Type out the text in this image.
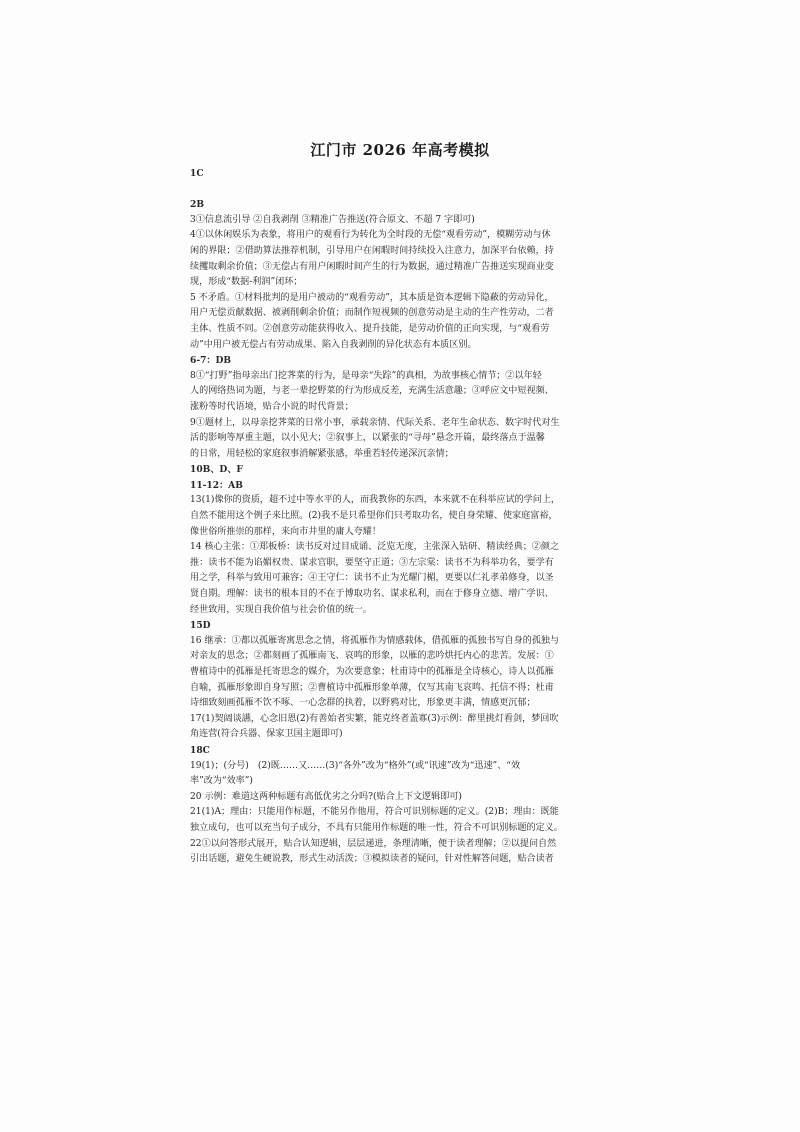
江门市 2026 年高考模拟
1C
2B
3①信息流引导 ②自我剥削 ③精准广告推送(符合原文、不超 7 字即可)
4①以休闲娱乐为表象，将用户的观看行为转化为全时段的无偿“观看劳动”，模糊劳动与休
闲的界限；②借助算法推荐机制，引导用户在闲暇时间持续投入注意力，加深平台依赖，持
续攫取剩余价值；③无偿占有用户闲暇时间产生的行为数据，通过精准广告推送实现商业变
现，形成“数据-利润”闭环；
5 不矛盾。①材料批判的是用户被动的“观看劳动”，其本质是资本逻辑下隐蔽的劳动异化，
用户无偿贡献数据、被剥削剩余价值；而制作短视频的创意劳动是主动的生产性劳动，二者
主体、性质不同。②创意劳动能获得收入、提升技能，是劳动价值的正向实现，与“观看劳
动”中用户被无偿占有劳动成果、陷入自我剥削的异化状态有本质区别。
6-7：DB
8①“打野”指母亲出门挖荠菜的行为，是母亲“失踪”的真相，为故事核心情节；②以年轻
人的网络热词为题，与老一辈挖野菜的行为形成反差，充满生活意趣；③呼应文中短视频、
涨粉等时代语境，贴合小说的时代背景；
9①题材上，以母亲挖荠菜的日常小事，承载亲情、代际关系、老年生命状态、数字时代对生
活的影响等厚重主题，以小见大；②叙事上，以紧张的“寻母”悬念开篇，最终落点于温馨
的日常，用轻松的家庭叙事消解紧张感，举重若轻传递深沉亲情；
10B、D、F
11-12：AB
13(1)像你的资质，超不过中等水平的人，而我教你的东西，本来就不在科举应试的学问上，
自然不能用这个例子来比照。(2)我不是只希望你们只考取功名，使自身荣耀、使家庭富裕，
像世俗所推崇的那样，来向市井里的庸人夸耀！
14 核心主张：①郑板桥：读书反对过目成诵、泛览无度，主张深入钻研、精读经典；②颜之
推：读书不能为谄媚权贵、谋求官职，要坚守正道；③左宗棠：读书不为科举功名，要学有
用之学，科举与致用可兼容；④王守仁：读书不止为光耀门楣，更要以仁礼孝弟修身，以圣
贤自期。理解：读书的根本目的不在于博取功名、谋求私利，而在于修身立德、增广学识、
经世致用，实现自我价值与社会价值的统一。
15D
16 继承：①都以孤雁寄寓思念之情，将孤雁作为情感载体，借孤雁的孤独书写自身的孤独与
对亲友的思念；②都刻画了孤雁南飞、哀鸣的形象，以雁的悲吟烘托内心的悲苦。发展：①
曹植诗中的孤雁是托寄思念的媒介，为次要意象；杜甫诗中的孤雁是全诗核心，诗人以孤雁
自喻，孤雁形象即自身写照；②曹植诗中孤雁形象单薄，仅写其南飞哀鸣、托信不得；杜甫
诗细致刻画孤雁不饮不啄、一心念群的执着，以野鸦对比，形象更丰满，情感更沉郁；
17(1)契阔谈讌，心念旧恩(2)有善始者实繁，能克终者盖寡(3)示例：醉里挑灯看剑，梦回吹
角连营(符合兵器、保家卫国主题即可)
18C
19(1)；(分号)　(2)既……又……(3)“各外”改为“格外”(或“讯速”改为“迅速”、“效
率”改为“效率”)
20 示例：难道这两种标题有高低优劣之分吗?(贴合上下文逻辑即可)
21(1)A；理由：只能用作标题，不能另作他用，符合可识别标题的定义。(2)B；理由：既能
独立成句，也可以充当句子成分，不具有只能用作标题的唯一性，符合不可识别标题的定义。
22①以问答形式展开，贴合认知逻辑，层层递进，条理清晰，便于读者理解；②以提问自然
引出话题，避免生硬说教，形式生动活泼；③模拟读者的疑问，针对性解答问题，贴合读者
